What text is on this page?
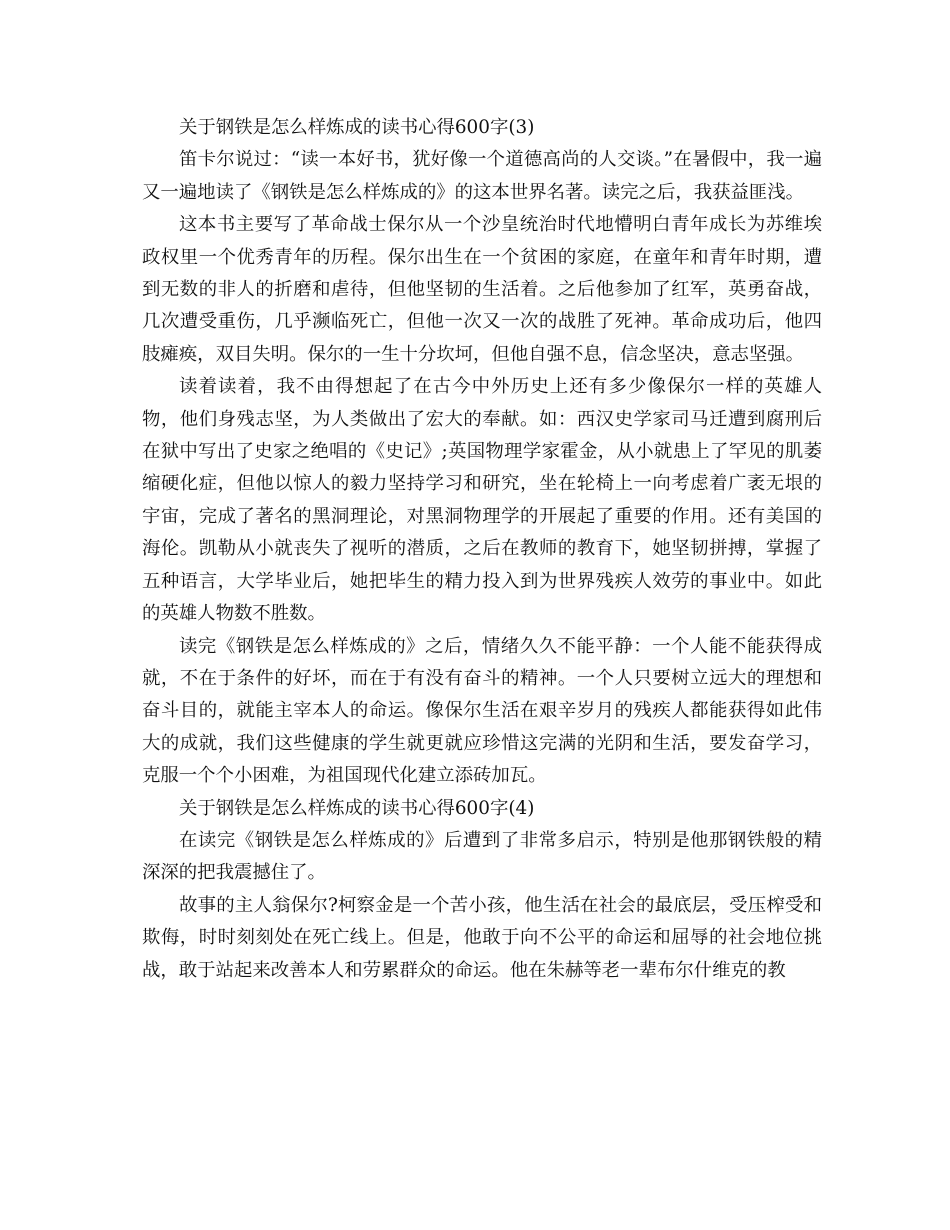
关于钢铁是怎么样炼成的读书心得600字(3)

笛卡尔说过：“读一本好书，犹好像一个道德高尚的人交谈。”在暑假中，我一遍又一遍地读了《钢铁是怎么样炼成的》的这本世界名著。读完之后，我获益匪浅。

这本书主要写了革命战士保尔从一个沙皇统治时代地懵明白青年成长为苏维埃政权里一个优秀青年的历程。保尔出生在一个贫困的家庭，在童年和青年时期，遭到无数的非人的折磨和虐待，但他坚韧的生活着。之后他参加了红军，英勇奋战，几次遭受重伤，几乎濒临死亡，但他一次又一次的战胜了死神。革命成功后，他四肢瘫痪，双目失明。保尔的一生十分坎坷，但他自强不息，信念坚决，意志坚强。

读着读着，我不由得想起了在古今中外历史上还有多少像保尔一样的英雄人物，他们身残志坚，为人类做出了宏大的奉献。如：西汉史学家司马迁遭到腐刑后在狱中写出了史家之绝唱的《史记》;英国物理学家霍金，从小就患上了罕见的肌萎缩硬化症，但他以惊人的毅力坚持学习和研究，坐在轮椅上一向考虑着广袤无垠的宇宙，完成了著名的黑洞理论，对黑洞物理学的开展起了重要的作用。还有美国的海伦。凯勒从小就丧失了视听的潜质，之后在教师的教育下，她坚韧拼搏，掌握了五种语言，大学毕业后，她把毕生的精力投入到为世界残疾人效劳的事业中。如此的英雄人物数不胜数。

读完《钢铁是怎么样炼成的》之后，情绪久久不能平静：一个人能不能获得成就，不在于条件的好坏，而在于有没有奋斗的精神。一个人只要树立远大的理想和奋斗目的，就能主宰本人的命运。像保尔生活在艰辛岁月的残疾人都能获得如此伟大的成就，我们这些健康的学生就更就应珍惜这完满的光阴和生活，要发奋学习，克服一个个小困难，为祖国现代化建立添砖加瓦。

关于钢铁是怎么样炼成的读书心得600字(4)

在读完《钢铁是怎么样炼成的》后遭到了非常多启示，特别是他那钢铁般的精深深的把我震撼住了。

故事的主人翁保尔?柯察金是一个苦小孩，他生活在社会的最底层，受压榨受和欺侮，时时刻刻处在死亡线上。但是，他敢于向不公平的命运和屈辱的社会地位挑战，敢于站起来改善本人和劳累群众的命运。他在朱赫等老一辈布尔什维克的教
